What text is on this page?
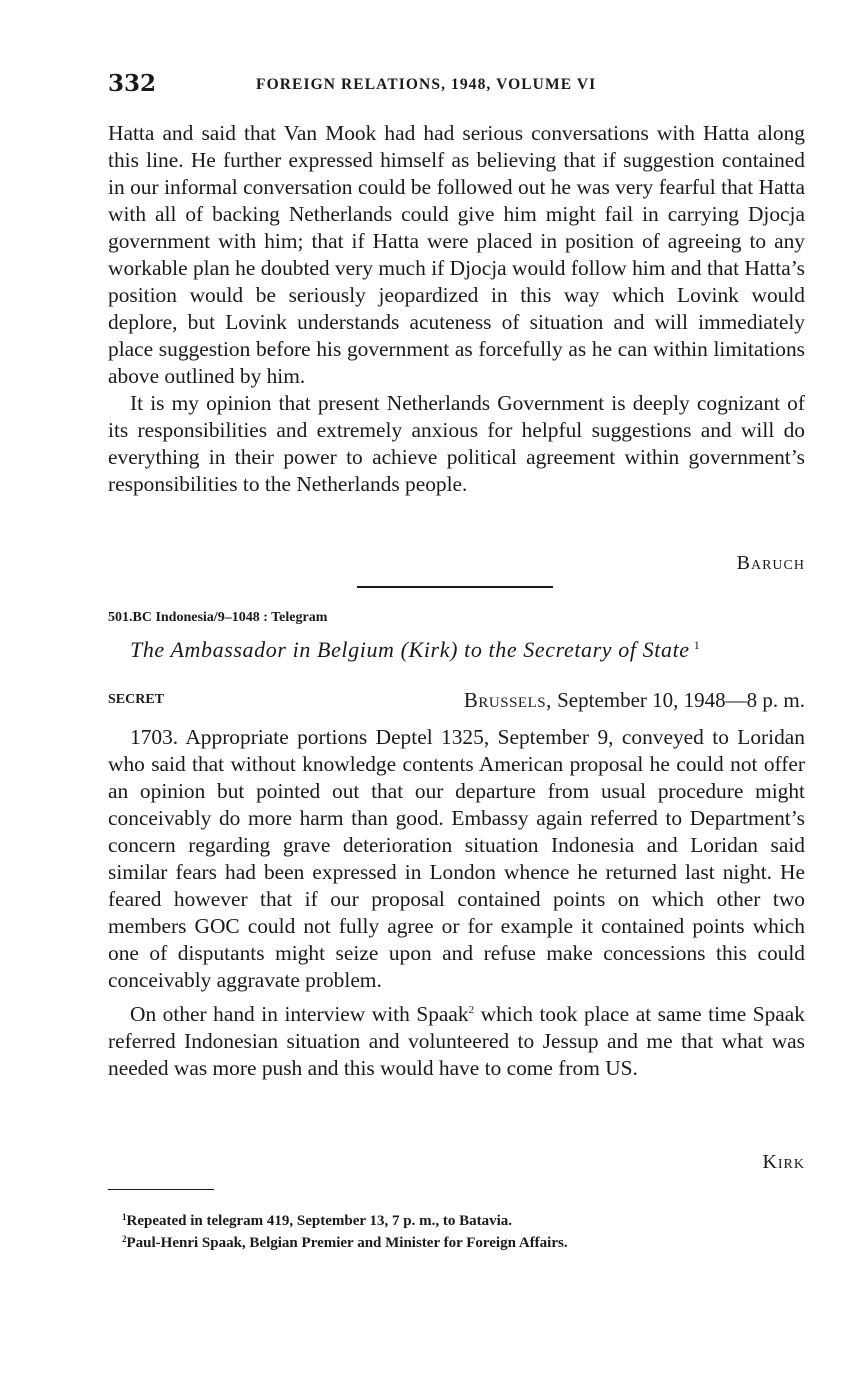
332	FOREIGN RELATIONS, 1948, VOLUME VI

Hatta and said that Van Mook had had serious conversations with Hatta along this line. He further expressed himself as believing that if suggestion contained in our informal conversation could be followed out he was very fearful that Hatta with all of backing Netherlands could give him might fail in carrying Djocja government with him; that if Hatta were placed in position of agreeing to any workable plan he doubted very much if Djocja would follow him and that Hatta’s position would be seriously jeopardized in this way which Lovink would deplore, but Lovink understands acuteness of situation and will immediately place suggestion before his government as forcefully as he can within limitations above outlined by him.

It is my opinion that present Netherlands Government is deeply cognizant of its responsibilities and extremely anxious for helpful suggestions and will do everything in their power to achieve political agreement within government’s responsibilities to the Netherlands people.

Baruch
501.BC Indonesia/9–1048 : Telegram
The Ambassador in Belgium (Kirk) to the Secretary of State $^1$
SECRET	Brussels, September 10, 1948—8 p. m.

1703. Appropriate portions Deptel 1325, September 9, conveyed to Loridan who said that without knowledge contents American proposal he could not offer an opinion but pointed out that our departure from usual procedure might conceivably do more harm than good. Embassy again referred to Department’s concern regarding grave deterioration situation Indonesia and Loridan said similar fears had been expressed in London whence he returned last night. He feared however that if our proposal contained points on which other two members GOC could not fully agree or for example it contained points which one of disputants might seize upon and refuse make concessions this could conceivably aggravate problem.

On other hand in interview with Spaak$^2$ which took place at same time Spaak referred Indonesian situation and volunteered to Jessup and me that what was needed was more push and this would have to come from US.

Kirk

$^1$Repeated in telegram 419, September 13, 7 p. m., to Batavia.

$^2$Paul-Henri Spaak, Belgian Premier and Minister for Foreign Affairs.
